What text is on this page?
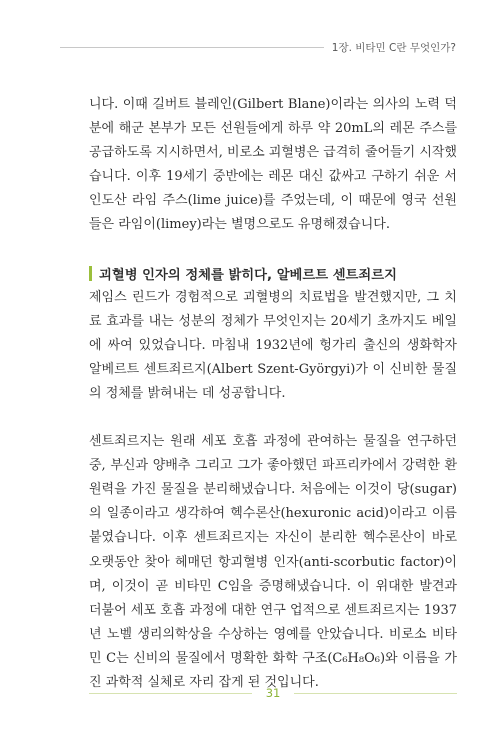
1장. 비타민 C란 무엇인가?

니다. 이때 길버트 블레인(Gilbert Blane)이라는 의사의 노력 덕분에 해군 본부가 모든 선원들에게 하루 약 20mL의 레몬 주스를 공급하도록 지시하면서, 비로소 괴혈병은 급격히 줄어들기 시작했습니다. 이후 19세기 중반에는 레몬 대신 값싸고 구하기 쉬운 서인도산 라임 주스(lime juice)를 주었는데, 이 때문에 영국 선원들은 라임이(limey)라는 별명으로도 유명해졌습니다.

괴혈병 인자의 정체를 밝히다, 알베르트 센트죄르지

제임스 린드가 경험적으로 괴혈병의 치료법을 발견했지만, 그 치료 효과를 내는 성분의 정체가 무엇인지는 20세기 초까지도 베일에 싸여 있었습니다. 마침내 1932년에 헝가리 출신의 생화학자 알베르트 센트죄르지(Albert Szent-Györgyi)가 이 신비한 물질의 정체를 밝혀내는 데 성공합니다.

센트죄르지는 원래 세포 호흡 과정에 관여하는 물질을 연구하던 중, 부신과 양배추 그리고 그가 좋아했던 파프리카에서 강력한 환원력을 가진 물질을 분리해냈습니다. 처음에는 이것이 당(sugar)의 일종이라고 생각하여 헥수론산(hexuronic acid)이라고 이름 붙였습니다. 이후 센트죄르지는 자신이 분리한 헥수론산이 바로 오랫동안 찾아 헤매던 항괴혈병 인자(anti-scorbutic factor)이며, 이것이 곧 비타민 C임을 증명해냈습니다. 이 위대한 발견과 더불어 세포 호흡 과정에 대한 연구 업적으로 센트죄르지는 1937년 노벨 생리의학상을 수상하는 영예를 안았습니다. 비로소 비타민 C는 신비의 물질에서 명확한 화학 구조(C₆H₈O₆)와 이름을 가진 과학적 실체로 자리 잡게 된 것입니다.

31
